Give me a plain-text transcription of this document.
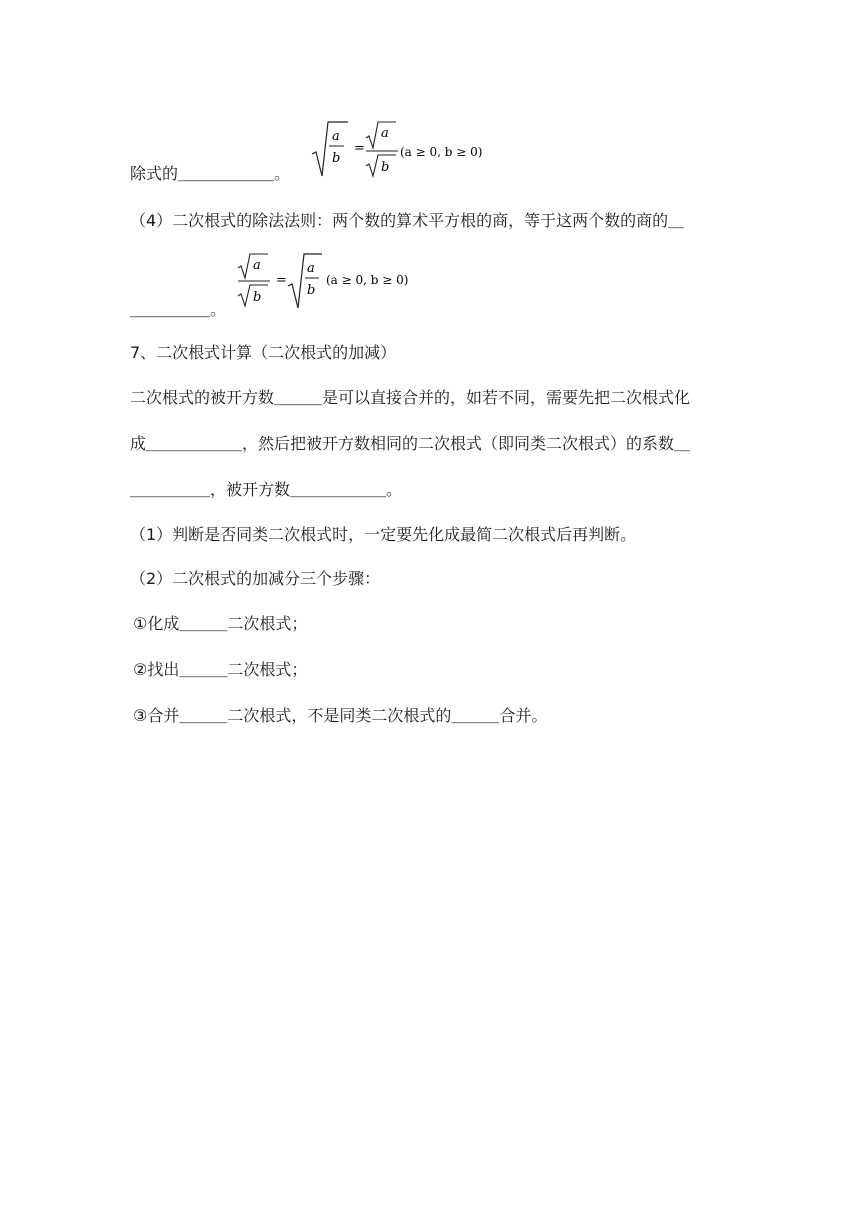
a
b
=
a
b
(a ≥ 0, b ≥ 0)
除式的＿＿＿＿＿＿。
（4）二次根式的除法法则：两个数的算术平方根的商，等于这两个数的商的＿
a
b
=
a
b
(a ≥ 0, b ≥ 0)
＿＿＿＿＿。
7、二次根式计算（二次根式的加减）
二次根式的被开方数＿＿＿是可以直接合并的，如若不同，需要先把二次根式化
成＿＿＿＿＿＿，然后把被开方数相同的二次根式（即同类二次根式）的系数＿
＿＿＿＿＿，被开方数＿＿＿＿＿＿。
（1）判断是否同类二次根式时，一定要先化成最简二次根式后再判断。
（2）二次根式的加减分三个步骤：
①化成＿＿＿二次根式；
②找出＿＿＿二次根式；
③合并＿＿＿二次根式，不是同类二次根式的＿＿＿合并。
